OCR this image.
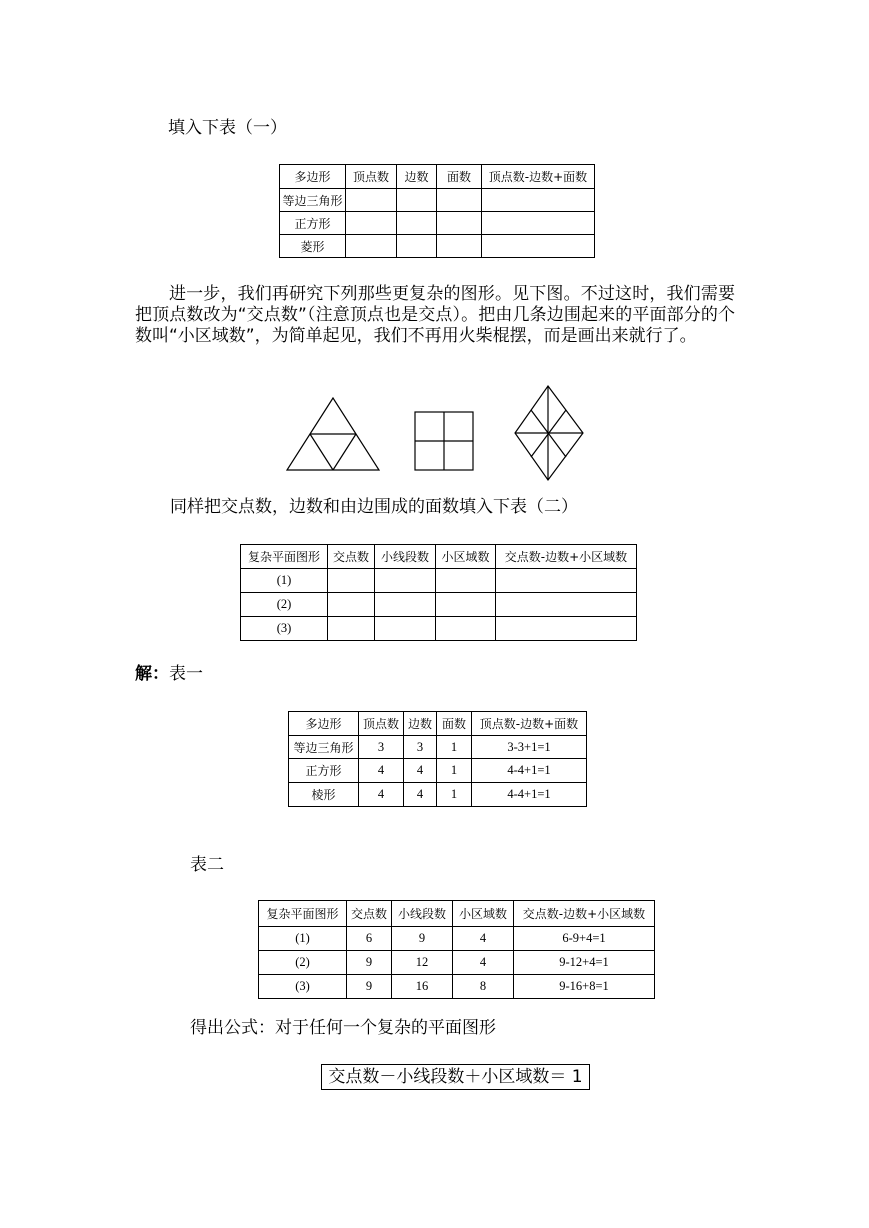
填入下表（一）
多边形	顶点数	边数	面数	顶点数-边数+面数
等边三角形				
正方形				
菱形				
进一步，我们再研究下列那些更复杂的图形。见下图。不过这时，我们需要把顶点数改为“交点数”（注意顶点也是交点）。把由几条边围起来的平面部分的个数叫“小区域数”，为简单起见，我们不再用火柴棍摆，而是画出来就行了。
同样把交点数，边数和由边围成的面数填入下表（二）
复杂平面图形	交点数	小线段数	小区域数	交点数-边数+小区域数
(1)				
(2)				
(3)				
解：表一
多边形	顶点数	边数	面数	顶点数-边数+面数
等边三角形	3	3	1	3-3+1=1
正方形	4	4	1	4-4+1=1
棱形	4	4	1	4-4+1=1
表二
复杂平面图形	交点数	小线段数	小区域数	交点数-边数+小区域数
(1)	6	9	4	6-9+4=1
(2)	9	12	4	9-12+4=1
(3)	9	16	8	9-16+8=1
得出公式：对于任何一个复杂的平面图形
交点数－小线段数＋小区域数＝ 1
